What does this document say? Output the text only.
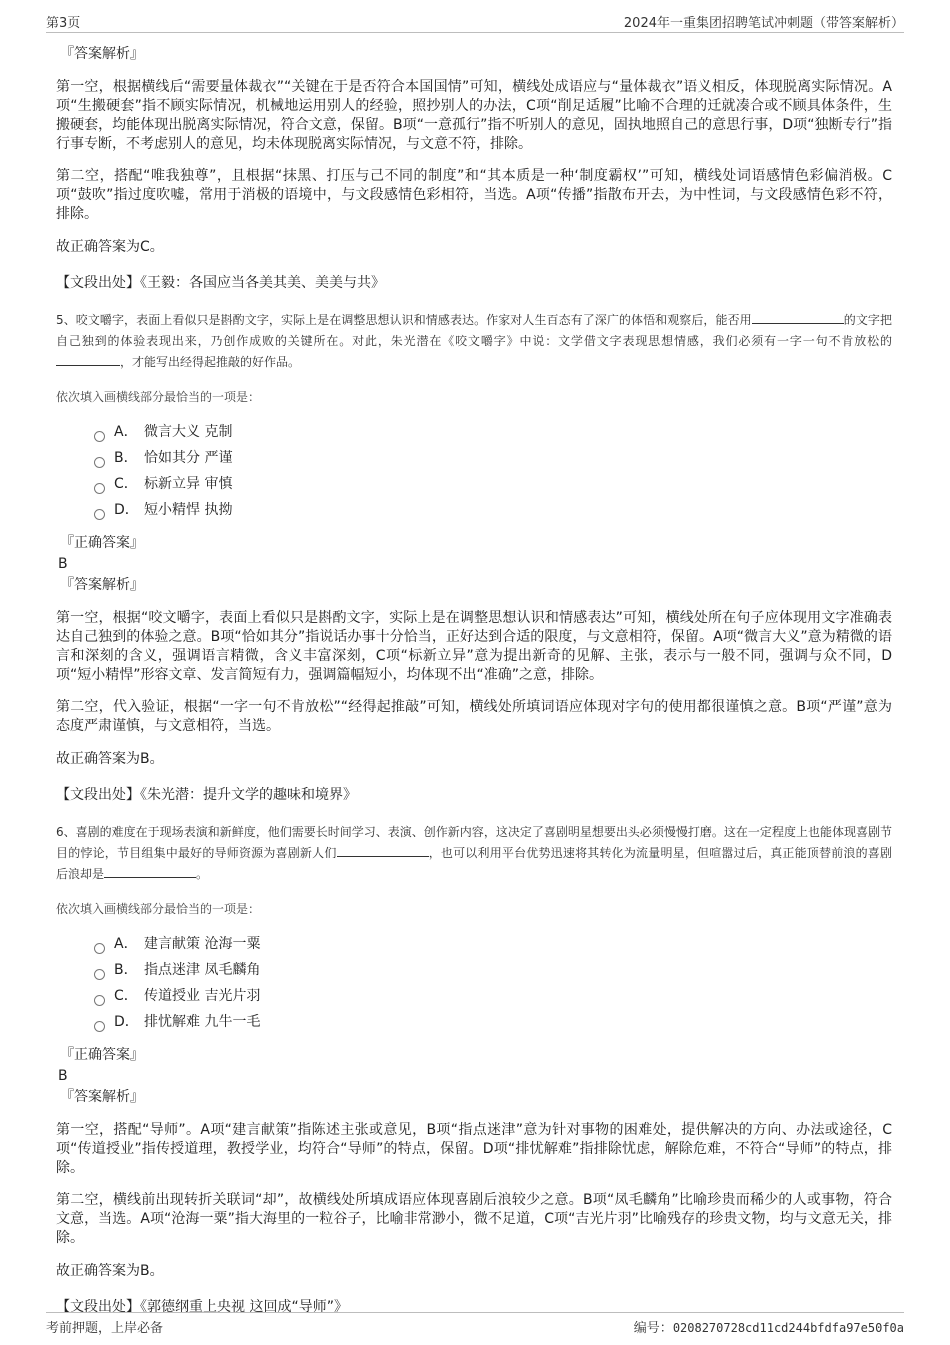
第3页	2024年一重集团招聘笔试冲刺题（带答案解析）
『答案解析』

第一空，根据横线后“需要量体裁衣”“关键在于是否符合本国国情”可知，横线处成语应与“量体裁衣”语义相反，体现脱离实际情况。A项“生搬硬套”指不顾实际情况，机械地运用别人的经验，照抄别人的办法，C项“削足适履”比喻不合理的迁就凑合或不顾具体条件，生搬硬套，均能体现出脱离实际情况，符合文意，保留。B项“一意孤行”指不听别人的意见，固执地照自己的意思行事，D项“独断专行”指行事专断，不考虑别人的意见，均未体现脱离实际情况，与文意不符，排除。

第二空，搭配“唯我独尊”，且根据“抹黑、打压与己不同的制度”和“其本质是一种‘制度霸权’”可知，横线处词语感情色彩偏消极。C项“鼓吹”指过度吹嘘，常用于消极的语境中，与文段感情色彩相符，当选。A项“传播”指散布开去，为中性词，与文段感情色彩不符，排除。

故正确答案为C。
【文段出处】《王毅：各国应当各美其美、美美与共》
5、咬文嚼字，表面上看似只是斟酌文字，实际上是在调整思想认识和情感表达。作家对人生百态有了深广的体悟和观察后，能否用	的文字把自己独到的体验表现出来，乃创作成败的关键所在。对此，朱光潜在《咬文嚼字》中说：文学借文字表现思想情感，我们必须有一字一句不肯放松的 ，才能写出经得起推敲的好作品。
依次填入画横线部分最恰当的一项是：
A． 微言大义 克制
B． 恰如其分 严谨
C． 标新立异 审慎
D． 短小精悍 执拗
『正确答案』
B
『答案解析』

第一空，根据“咬文嚼字，表面上看似只是斟酌文字，实际上是在调整思想认识和情感表达”可知，横线处所在句子应体现用文字准确表达自己独到的体验之意。B项“恰如其分”指说话办事十分恰当，正好达到合适的限度，与文意相符，保留。A项“微言大义”意为精微的语言和深刻的含义，强调语言精微，含义丰富深刻，C项“标新立异”意为提出新奇的见解、主张，表示与一般不同，强调与众不同，D项“短小精悍”形容文章、发言简短有力，强调篇幅短小，均体现不出“准确”之意，排除。

第二空，代入验证，根据“一字一句不肯放松”“经得起推敲”可知，横线处所填词语应体现对字句的使用都很谨慎之意。B项“严谨”意为态度严肃谨慎，与文意相符，当选。

故正确答案为B。
【文段出处】《朱光潜：提升文学的趣味和境界》
6、喜剧的难度在于现场表演和新鲜度，他们需要长时间学习、表演、创作新内容，这决定了喜剧明星想要出头必须慢慢打磨。这在一定程度上也能体现喜剧节目的悖论，节目组集中最好的导师资源为喜剧新人们	，也可以利用平台优势迅速将其转化为流量明星，但喧嚣过后，真正能顶替前浪的喜剧后浪却是	。
依次填入画横线部分最恰当的一项是：
A． 建言献策 沧海一粟
B． 指点迷津 凤毛麟角
C． 传道授业 吉光片羽
D． 排忧解难 九牛一毛
『正确答案』
B
『答案解析』

第一空，搭配“导师”。A项“建言献策”指陈述主张或意见，B项“指点迷津”意为针对事物的困难处，提供解决的方向、办法或途径，C项“传道授业”指传授道理，教授学业，均符合“导师”的特点，保留。D项“排忧解难”指排除忧虑，解除危难，不符合“导师”的特点，排除。

第二空，横线前出现转折关联词“却”，故横线处所填成语应体现喜剧后浪较少之意。B项“凤毛麟角”比喻珍贵而稀少的人或事物，符合文意，当选。A项“沧海一粟”指大海里的一粒谷子，比喻非常渺小，微不足道，C项“吉光片羽”比喻残存的珍贵文物，均与文意无关，排除。

故正确答案为B。
【文段出处】《郭德纲重上央视 这回成“导师”》
考前押题，上岸必备	编号：0208270728cd11cd244bfdfa97e50f0a
